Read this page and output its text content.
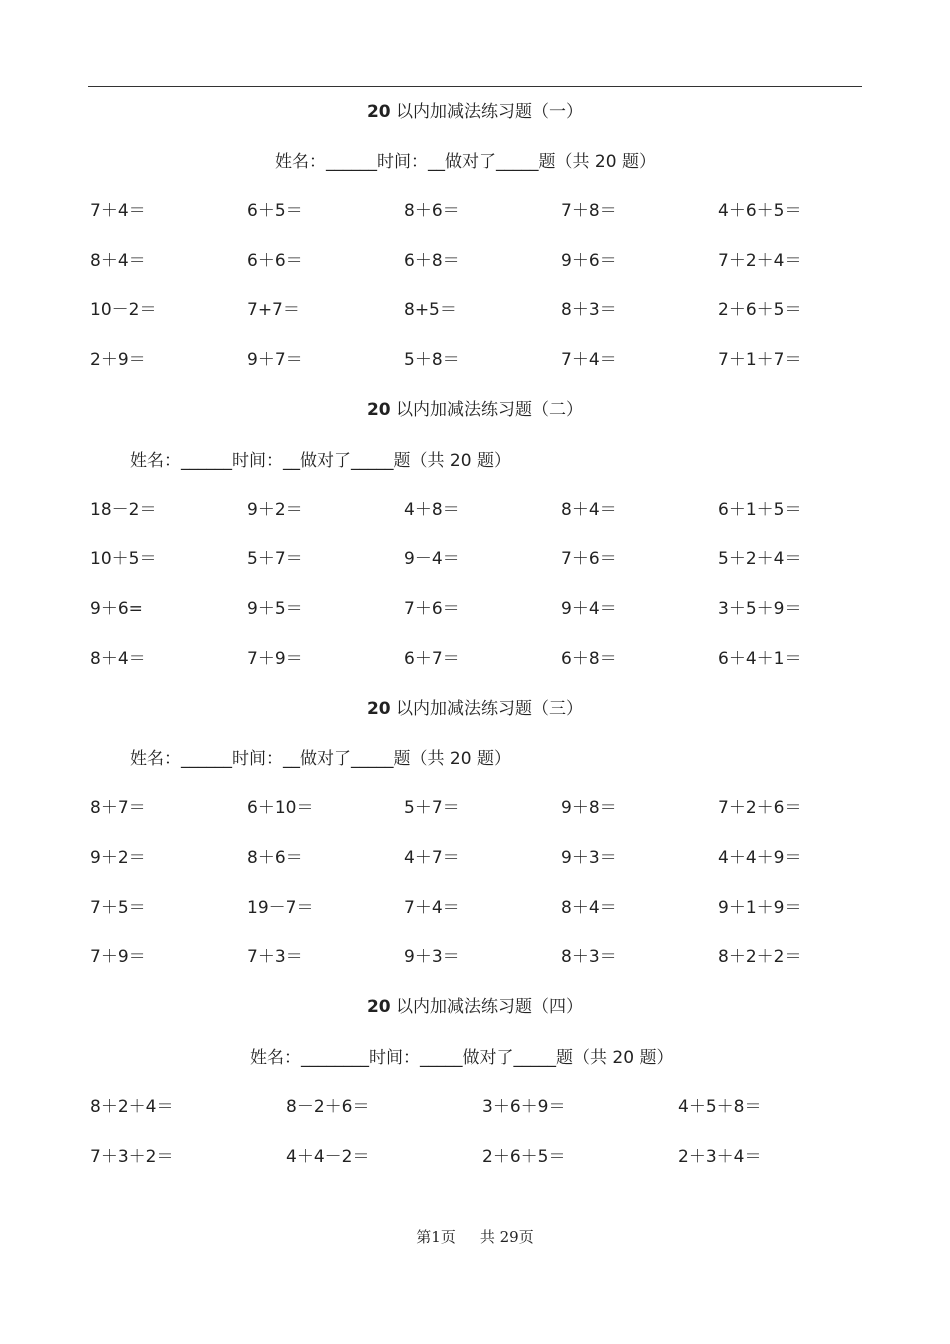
20 以内加减法练习题（一）
姓名：______时间：__做对了_____题（共 20 题）
7＋4＝	6＋5＝	8＋6＝	7＋8＝	4＋6＋5＝
8＋4＝	6＋6＝	6＋8＝	9＋6＝	7＋2＋4＝
10－2＝	7+7＝	8+5＝	8＋3＝	2＋6＋5＝
2＋9＝	9＋7＝	5＋8＝	7＋4＝	7＋1＋7＝
20 以内加减法练习题（二）
姓名：______时间：__做对了_____题（共 20 题）
18－2＝	9＋2＝	4＋8＝	8＋4＝	6＋1＋5＝
10＋5＝	5＋7＝	9－4＝	7＋6＝	5＋2＋4＝
9＋6=	9＋5＝	7＋6＝	9＋4＝	3＋5＋9＝
8＋4＝	7＋9＝	6＋7＝	6＋8＝	6＋4＋1＝
20 以内加减法练习题（三）
姓名：______时间：__做对了_____题（共 20 题）
8＋7＝	6＋10＝	5＋7＝	9＋8＝	7＋2＋6＝
9＋2＝	8＋6＝	4＋7＝	9＋3＝	4＋4＋9＝
7＋5＝	19－7＝	7＋4＝	8＋4＝	9＋1＋9＝
7＋9＝	7＋3＝	9＋3＝	8＋3＝	8＋2＋2＝
20 以内加减法练习题（四）
姓名：________时间：_____做对了_____题（共 20 题）
8＋2＋4＝	8－2＋6＝	3＋6＋9＝	4＋5＋8＝
7＋3＋2＝	4＋4－2＝	2＋6＋5＝	2＋3＋4＝
第1页 共 29页
